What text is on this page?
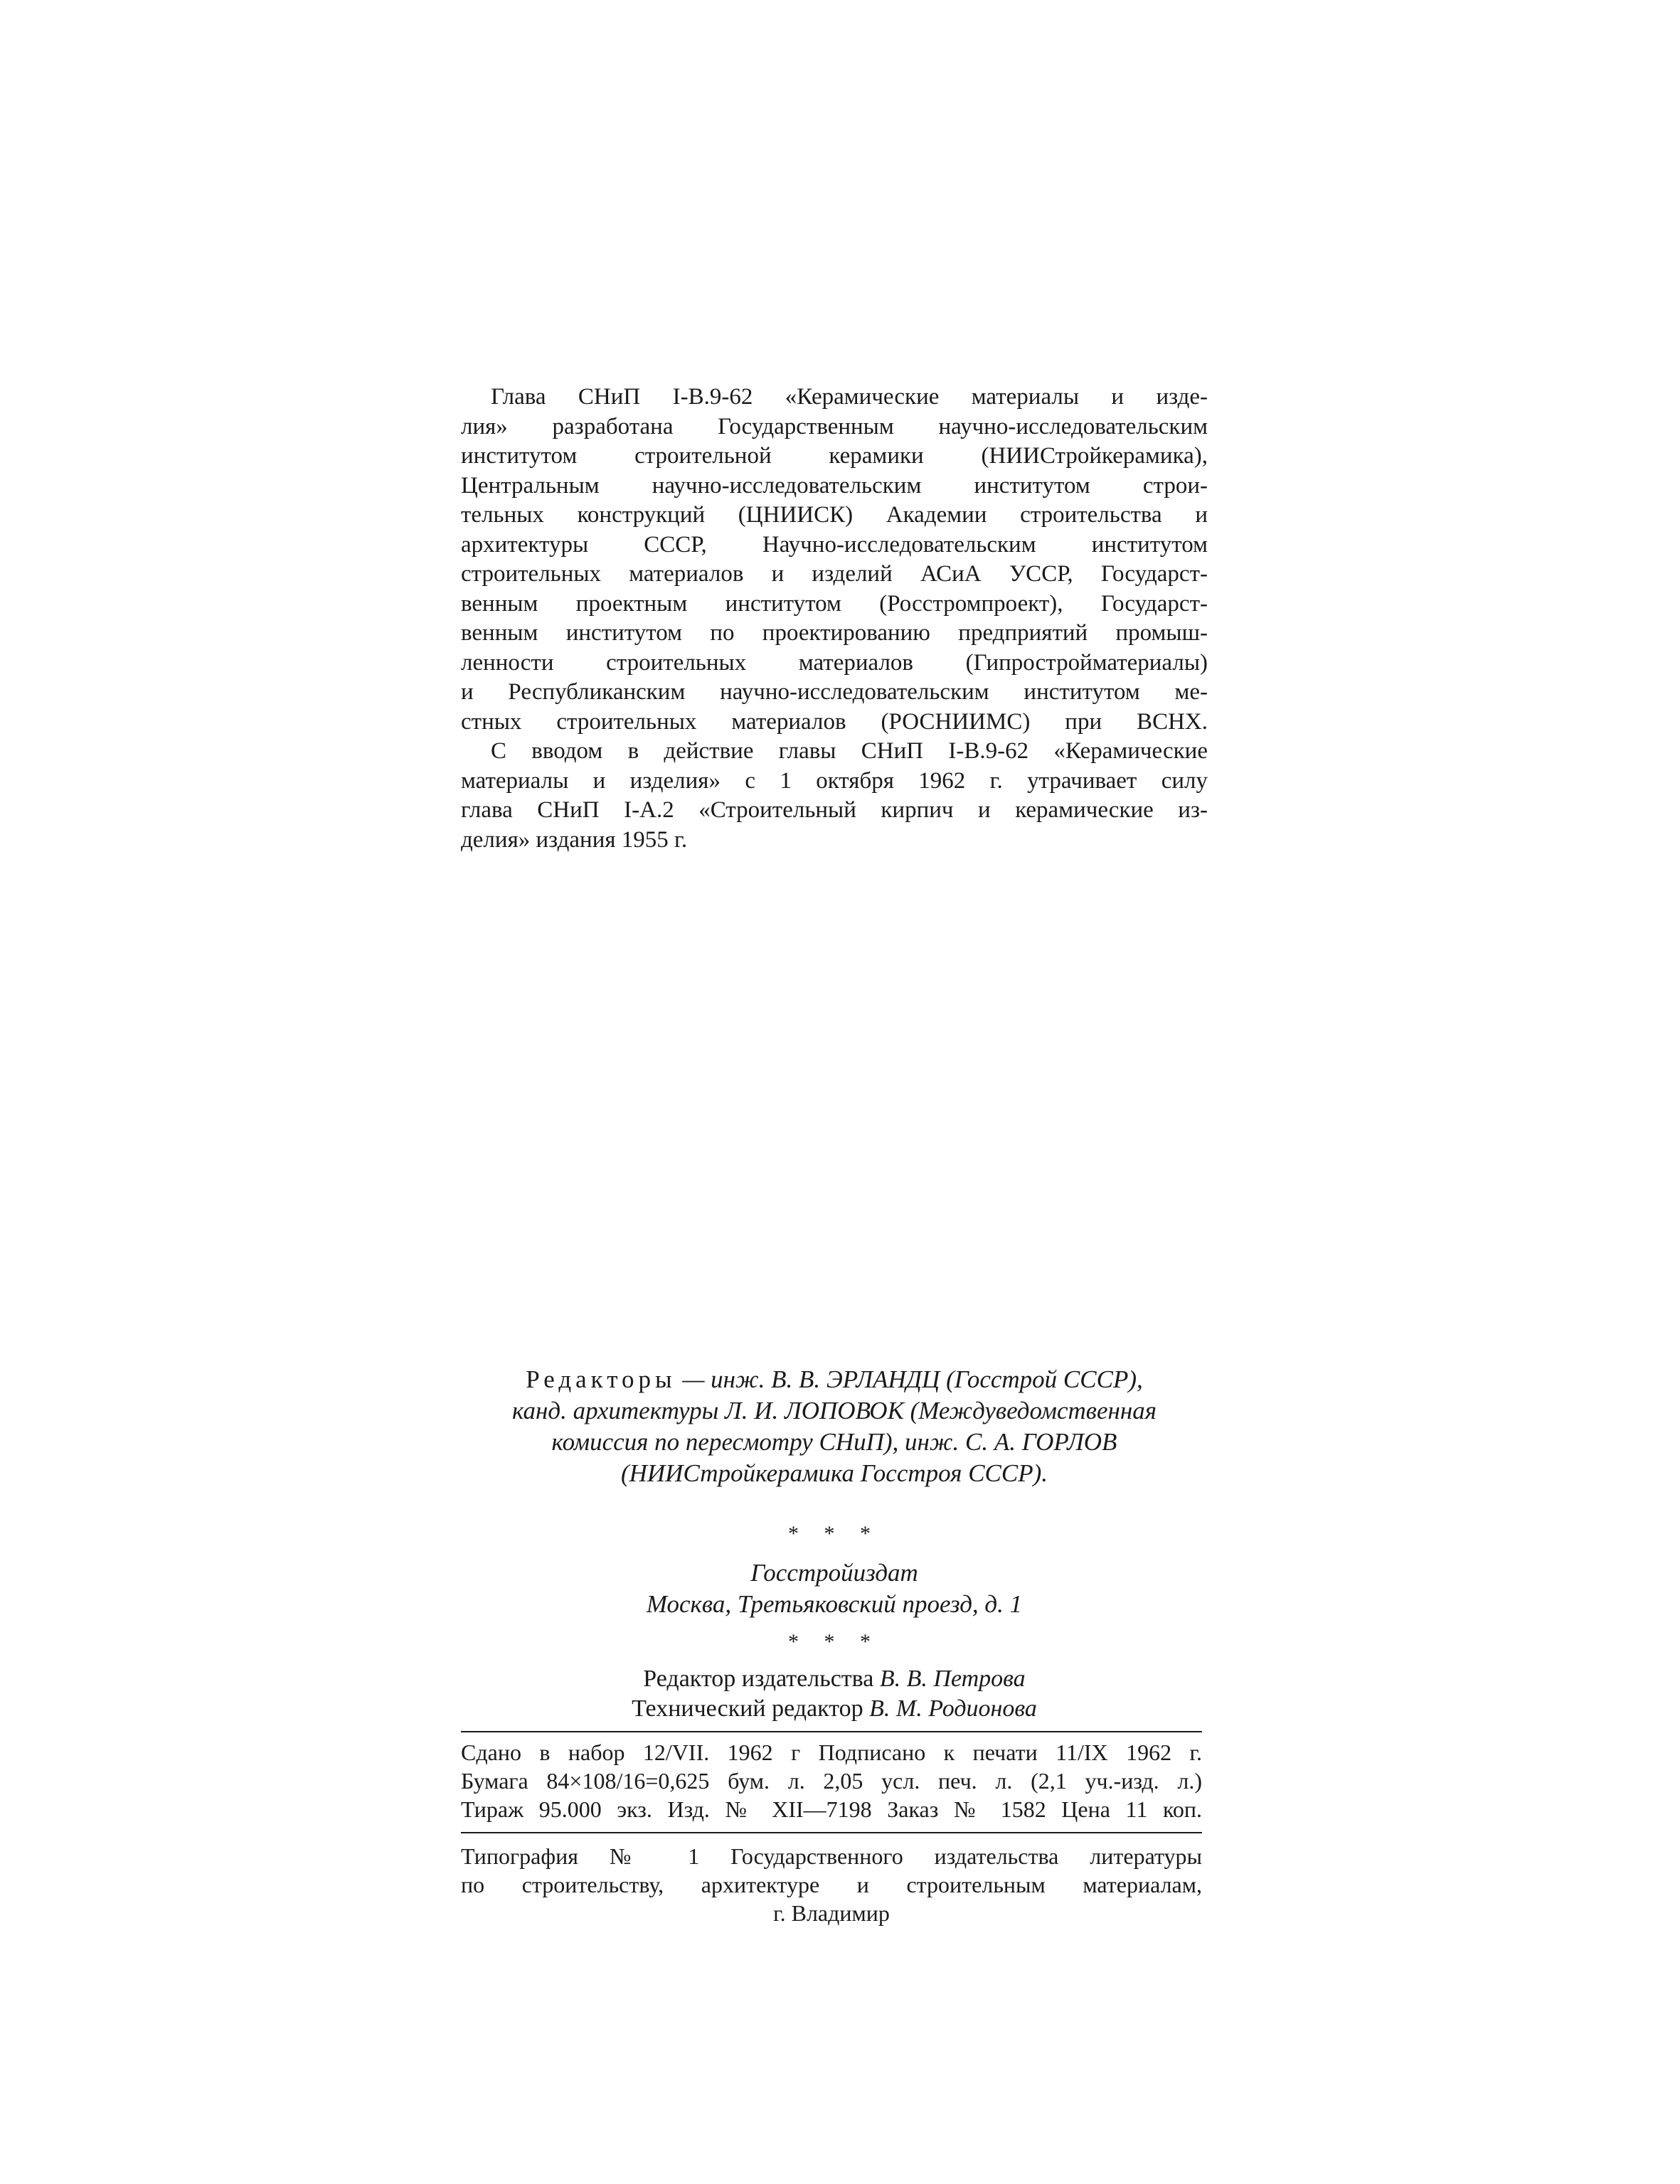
Глава СНиП I-В.9-62 «Керамические материалы и изде-
лия» разработана Государственным научно-исследовательским
институтом строительной керамики (НИИСтройкерамика),
Центральным научно-исследовательским институтом строи-
тельных конструкций (ЦНИИСК) Академии строительства и
архитектуры СССР, Научно-исследовательским институтом
строительных материалов и изделий АСиА УССР, Государст-
венным проектным институтом (Росстромпроект), Государст-
венным институтом по проектированию предприятий промыш-
ленности строительных материалов (Гипростройматериалы)
и Республиканским научно-исследовательским институтом ме-
стных строительных материалов (РОСНИИМС) при ВСНХ.
С вводом в действие главы СНиП I-В.9-62 «Керамические
материалы и изделия» с 1 октября 1962 г. утрачивает силу
глава СНиП I-А.2 «Строительный кирпич и керамические из-
делия» издания 1955 г.
Редакторы — инж. В. В. ЭРЛАНДЦ (Госстрой СССР),
канд. архитектуры Л. И. ЛОПОВОК (Междуведомственная
комиссия по пересмотру СНиП), инж. С. А. ГОРЛОВ
(НИИСтройкерамика Госстроя СССР).
* * *
Госстройиздат
Москва, Третьяковский проезд, д. 1
* * *
Редактор издательства В. В. Петрова
Технический редактор В. М. Родионова
Сдано в набор 12/VII. 1962 г Подписано к печати 11/IX 1962 г.
Бумага 84×108/16=0,625 бум. л. 2,05 усл. печ. л. (2,1 уч.-изд. л.)
Тираж 95.000 экз. Изд. № XII—7198 Заказ № 1582 Цена 11 коп.
Типография № 1 Государственного издательства литературы
по строительству, архитектуре и строительным материалам,
г. Владимир
